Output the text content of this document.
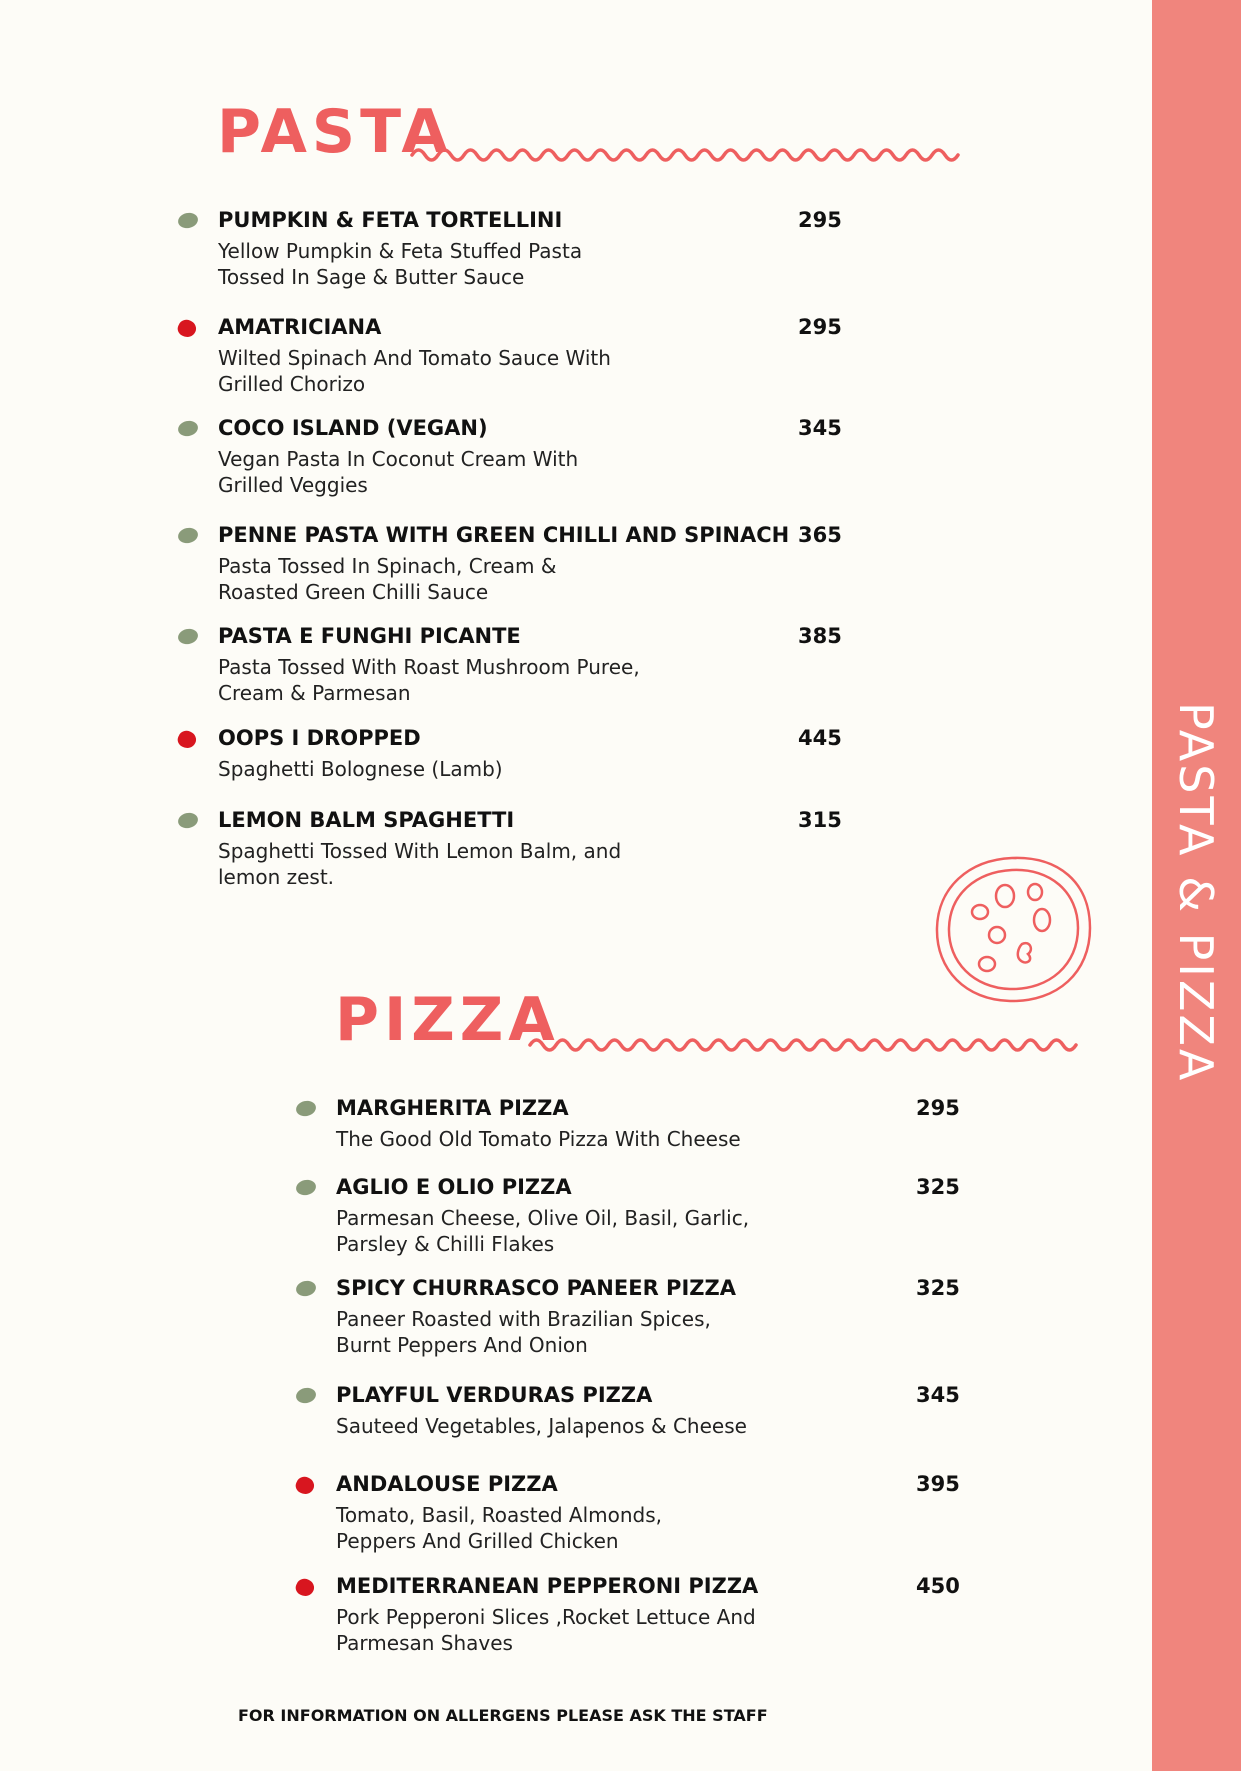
PASTA & PIZZA
PASTA
PUMPKIN & FETA TORTELLINI	295
Yellow Pumpkin & Feta Stuffed Pasta
Tossed In Sage & Butter Sauce
AMATRICIANA	295
Wilted Spinach And Tomato Sauce With
Grilled Chorizo
COCO ISLAND (VEGAN)	345
Vegan Pasta In Coconut Cream With
Grilled Veggies
PENNE PASTA WITH GREEN CHILLI AND SPINACH 365
Pasta Tossed In Spinach, Cream &
Roasted Green Chilli Sauce
PASTA E FUNGHI PICANTE	385
Pasta Tossed With Roast Mushroom Puree,
Cream & Parmesan
OOPS I DROPPED	445
Spaghetti Bolognese (Lamb)
LEMON BALM SPAGHETTI	315
Spaghetti Tossed With Lemon Balm, and
lemon zest.
PIZZA
MARGHERITA PIZZA	295
The Good Old Tomato Pizza With Cheese
AGLIO E OLIO PIZZA	325
Parmesan Cheese, Olive Oil, Basil, Garlic,
Parsley & Chilli Flakes
SPICY CHURRASCO PANEER PIZZA	325
Paneer Roasted with Brazilian Spices,
Burnt Peppers And Onion
PLAYFUL VERDURAS PIZZA	345
Sauteed Vegetables, Jalapenos & Cheese
ANDALOUSE PIZZA	395
Tomato, Basil, Roasted Almonds,
Peppers And Grilled Chicken
MEDITERRANEAN PEPPERONI PIZZA	450
Pork Pepperoni Slices ,Rocket Lettuce And
Parmesan Shaves
FOR INFORMATION ON ALLERGENS PLEASE ASK THE STAFF
